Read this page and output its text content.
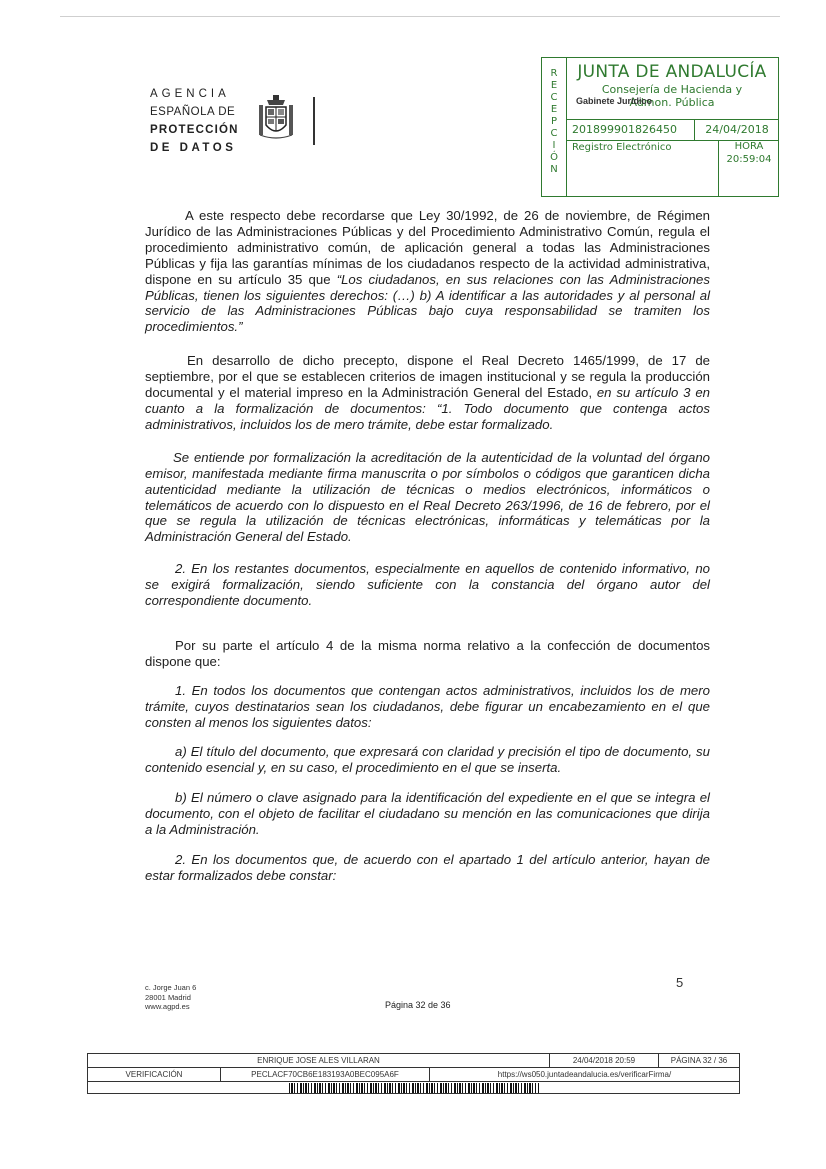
AGENCIA
ESPAÑOLA DE
PROTECCIÓN
DE DATOS
R
E
C
E
P
C
I
Ó
N
JUNTA DE ANDALUCÍA
Consejería de Hacienda y
Admon. Pública
Gabinete Jurídico
201899901826450	24/04/2018
Registro Electrónico	HORA
20:59:04

A este respecto debe recordarse que Ley 30/1992, de 26 de noviembre, de Régimen Jurídico de las Administraciones Públicas y del Procedimiento Administrativo Común, regula el procedimiento administrativo común, de aplicación general a todas las Administraciones Públicas y fija las garantías mínimas de los ciudadanos respecto de la actividad administrativa, dispone en su artículo 35 que “Los ciudadanos, en sus relaciones con las Administraciones Públicas, tienen los siguientes derechos: (…) b) A identificar a las autoridades y al personal al servicio de las Administraciones Públicas bajo cuya responsabilidad se tramiten los procedimientos.”

En desarrollo de dicho precepto, dispone el Real Decreto 1465/1999, de 17 de septiembre, por el que se establecen criterios de imagen institucional y se regula la producción documental y el material impreso en la Administración General del Estado, en su artículo 3 en cuanto a la formalización de documentos: “1. Todo documento que contenga actos administrativos, incluidos los de mero trámite, debe estar formalizado.

Se entiende por formalización la acreditación de la autenticidad de la voluntad del órgano emisor, manifestada mediante firma manuscrita o por símbolos o códigos que garanticen dicha autenticidad mediante la utilización de técnicas o medios electrónicos, informáticos o telemáticos de acuerdo con lo dispuesto en el Real Decreto 263/1996, de 16 de febrero, por el que se regula la utilización de técnicas electrónicas, informáticas y telemáticas por la Administración General del Estado.

2. En los restantes documentos, especialmente en aquellos de contenido informativo, no se exigirá formalización, siendo suficiente con la constancia del órgano autor del correspondiente documento.

Por su parte el artículo 4 de la misma norma relativo a la confección de documentos dispone que:

1. En todos los documentos que contengan actos administrativos, incluidos los de mero trámite, cuyos destinatarios sean los ciudadanos, debe figurar un encabezamiento en el que consten al menos los siguientes datos:

a) El título del documento, que expresará con claridad y precisión el tipo de documento, su contenido esencial y, en su caso, el procedimiento en el que se inserta.

b) El número o clave asignado para la identificación del expediente en el que se integra el documento, con el objeto de facilitar el ciudadano su mención en las comunicaciones que dirija a la Administración.

2. En los documentos que, de acuerdo con el apartado 1 del artículo anterior, hayan de estar formalizados debe constar:

c. Jorge Juan 6
28001 Madrid
www.agpd.es
5
Página 32 de 36
ENRIQUE JOSE ALES VILLARAN			24/04/2018 20:59	PÁGINA 32 / 36
VERIFICACIÓN	PECLACF70CB6E183193A0BEC095A6F	https://ws050.juntadeandalucia.es/verificarFirma/		
